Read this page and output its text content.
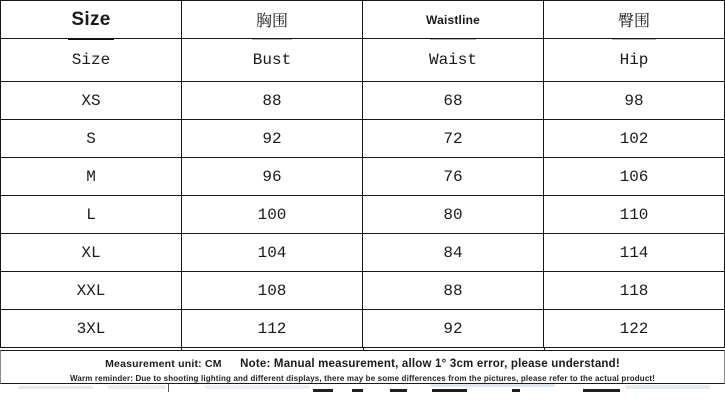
Size	胸围	Waistline	臀围

Size	Bust	Waist	Hip
XS	88	68	98
S	92	72	102
M	96	76	106
L	100	80	110
XL	104	84	114
XXL	108	88	118
3XL	112	92	122
Measurement unit: CM Note: Manual measurement, allow 1° 3cm error, please understand!
Warm reminder: Due to shooting lighting and different displays, there may be some differences from the pictures, please refer to the actual product!
